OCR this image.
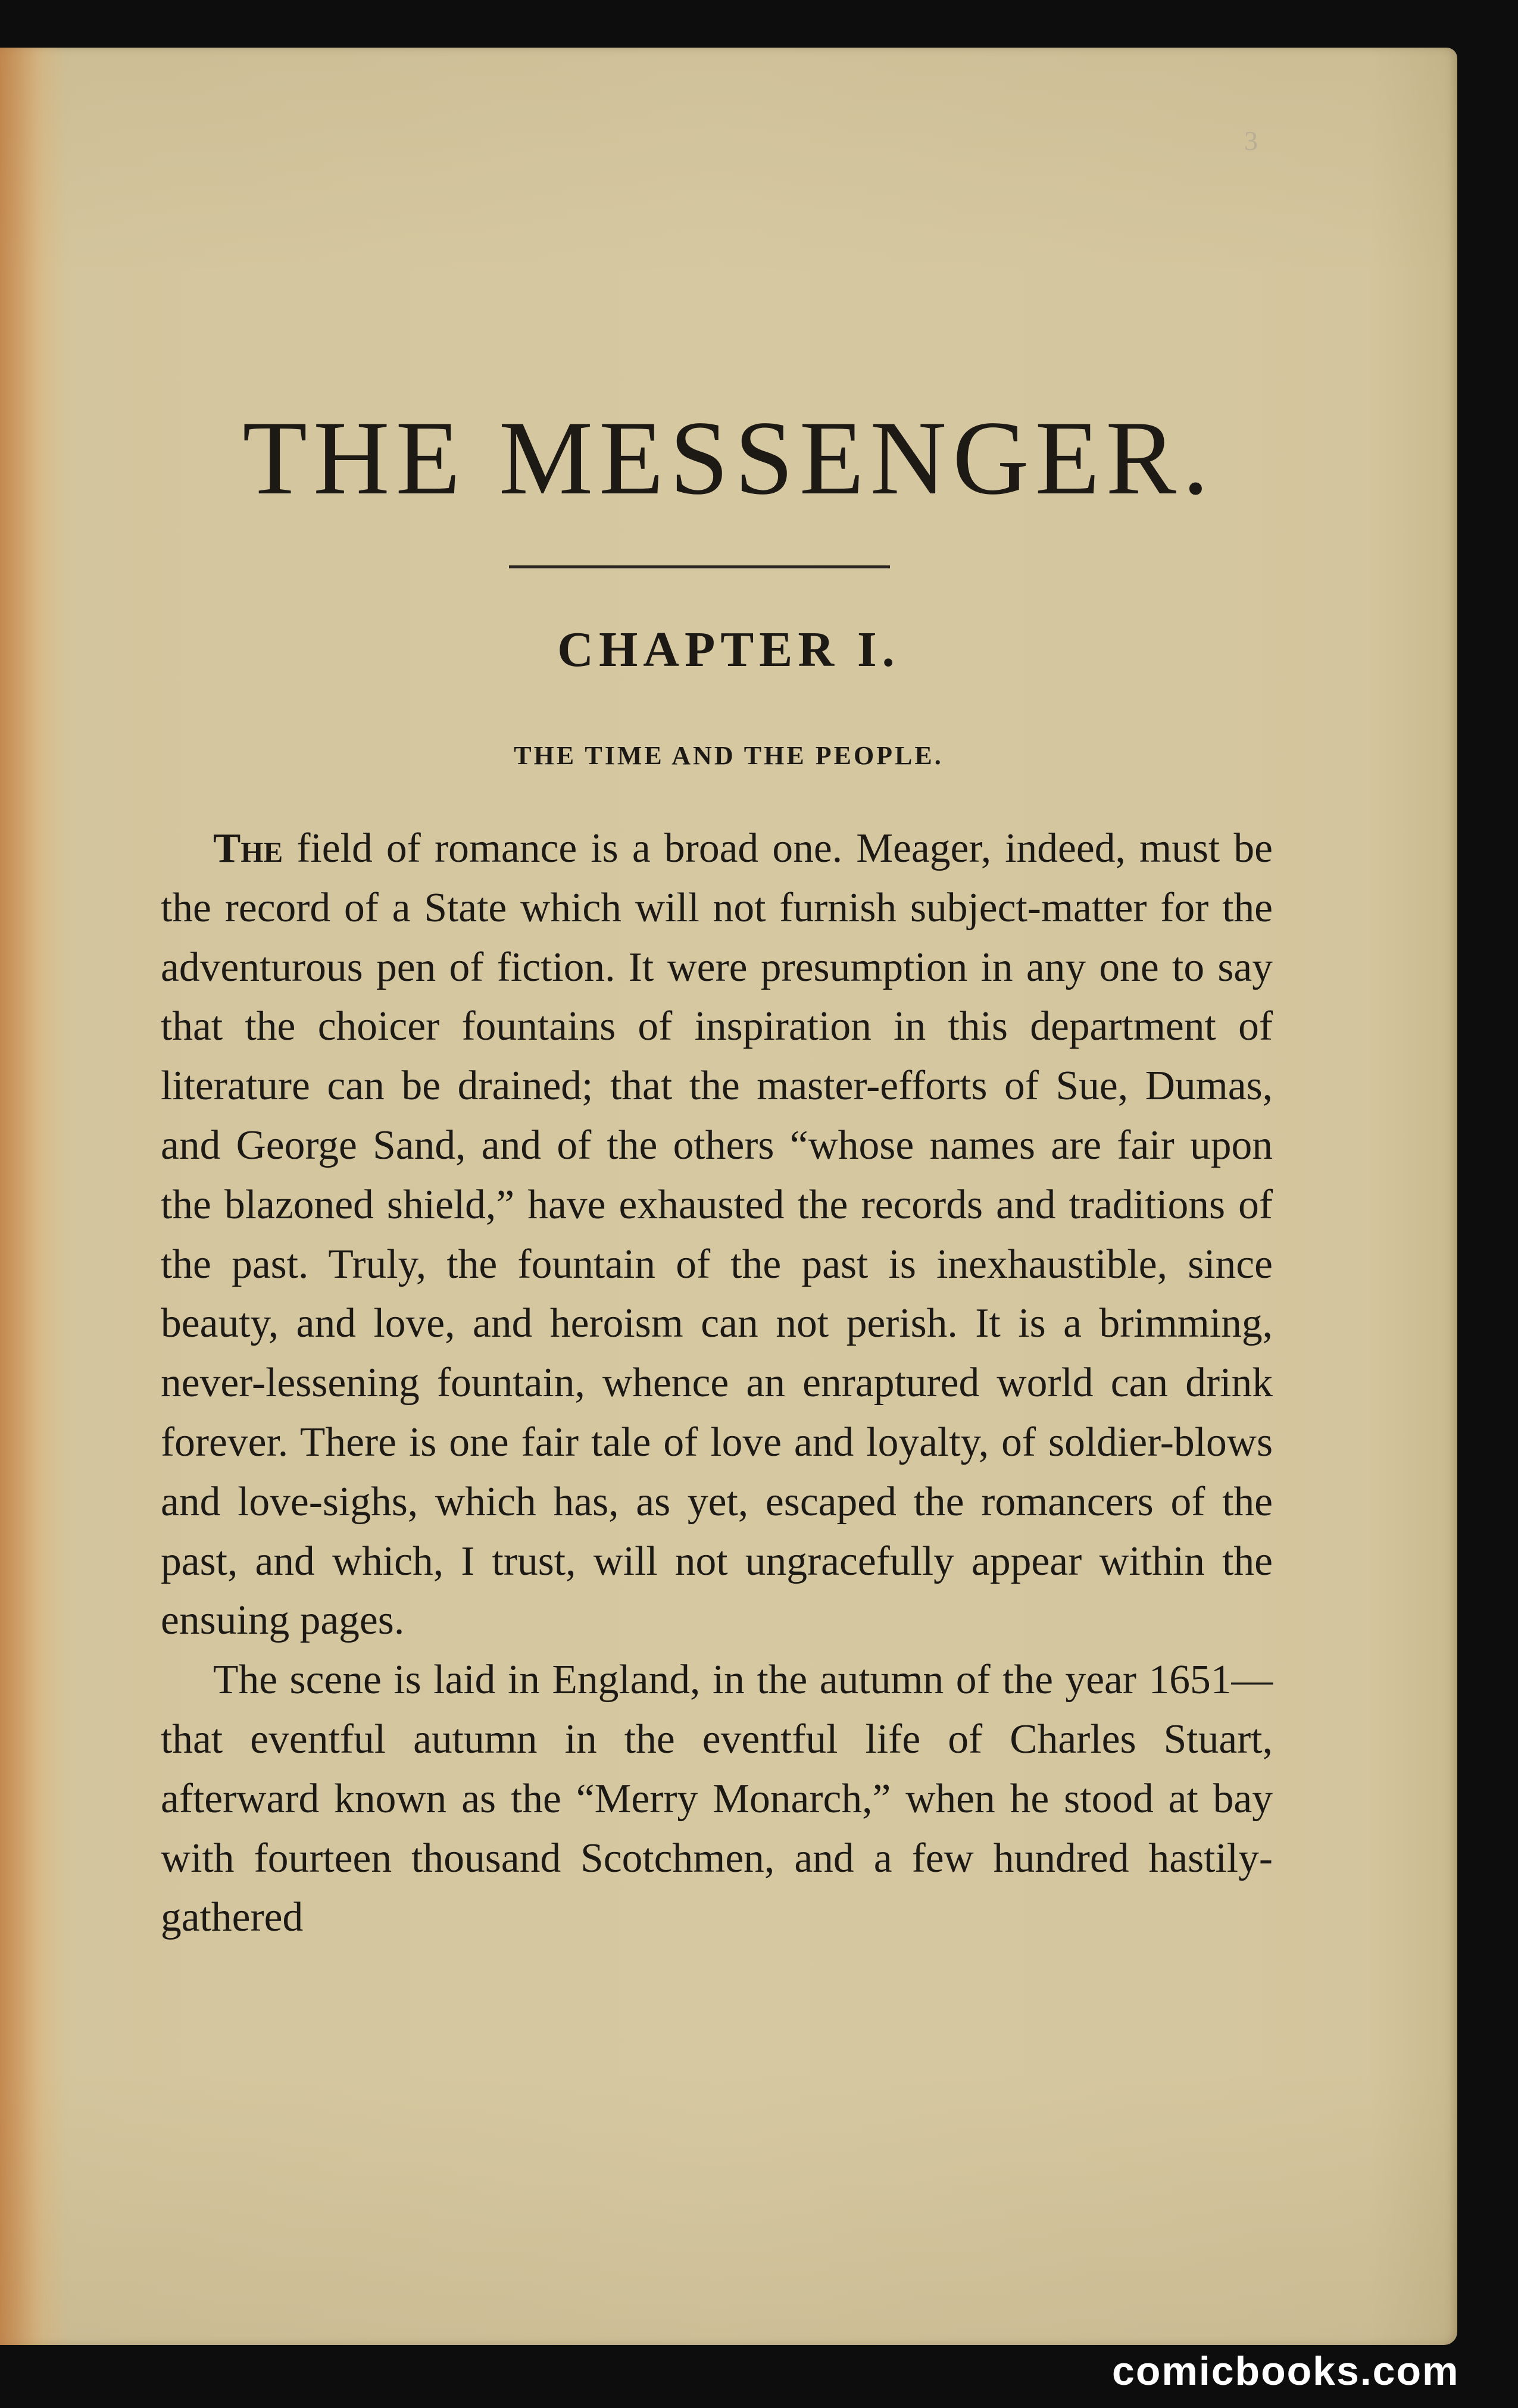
3
THE MESSENGER.
CHAPTER I.
THE TIME AND THE PEOPLE.

The field of romance is a broad one. Meager, indeed, must be the record of a State which will not furnish subject-matter for the adventurous pen of fiction. It were presumption in any one to say that the choicer fountains of inspiration in this department of literature can be drained; that the master-efforts of Sue, Dumas, and George Sand, and of the others “whose names are fair upon the blazoned shield,” have exhausted the records and traditions of the past. Truly, the fountain of the past is inexhaustible, since beauty, and love, and heroism can not perish. It is a brimming, never-lessening fountain, whence an enraptured world can drink forever. There is one fair tale of love and loyalty, of soldier-blows and love-sighs, which has, as yet, escaped the romancers of the past, and which, I trust, will not ungracefully appear within the ensuing pages.

The scene is laid in England, in the autumn of the year 1651—that eventful autumn in the eventful life of Charles Stuart, afterward known as the “Merry Monarch,” when he stood at bay with fourteen thousand Scotchmen, and a few hundred hastily-gathered

comicbooks.com
